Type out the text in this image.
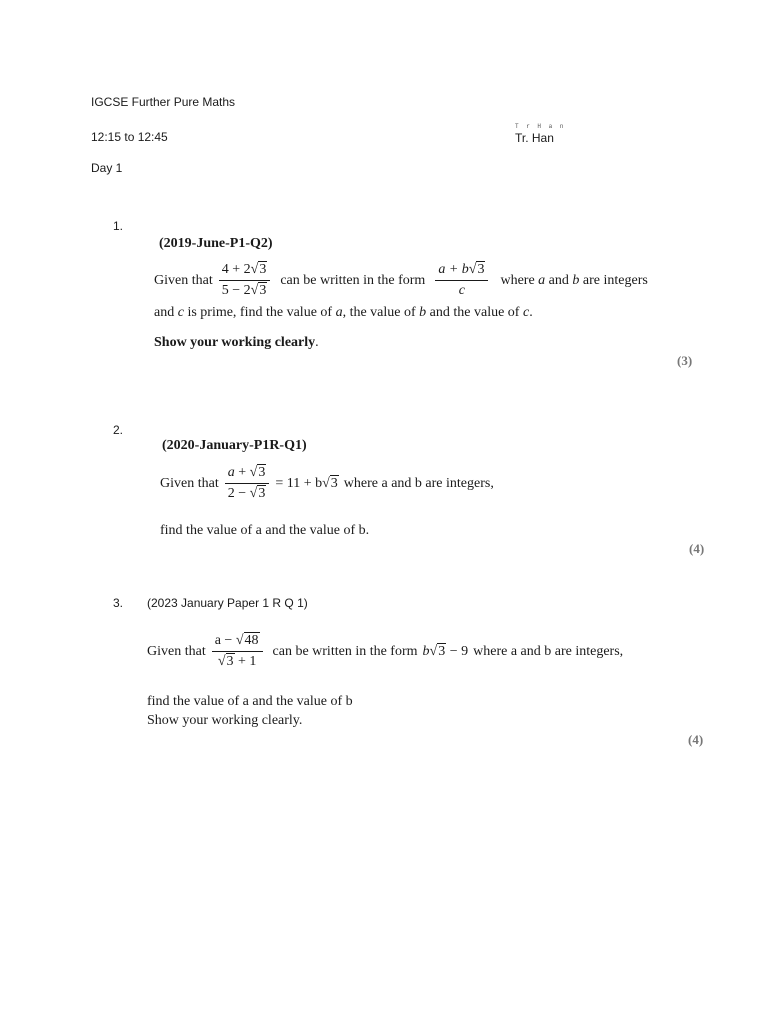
IGCSE Further Pure Maths
12:15 to 12:45
T r H a n
Tr. Han
Day 1
1.
(2019-June-P1-Q2)
Given that $\frac{4 + 2√3}{5 - 2√3}$ can be written in the form $\frac{a + b√3}{c}$ where a and b are integers
and c is prime, find the value of a, the value of b and the value of c.
Show your working clearly.
(3)
2.
(2020-January-P1R-Q1)
Given that $\frac{a + √3}{2 - √3} = 11 + b√3$ where a and b are integers,
find the value of a and the value of b.
(4)
3. (2023 January Paper 1 R Q 1)
Given that $\frac{a - √48}{√3 + 1}$ can be written in the form b√3 − 9 where a and b are integers,
find the value of a and the value of b
Show your working clearly.
(4)
